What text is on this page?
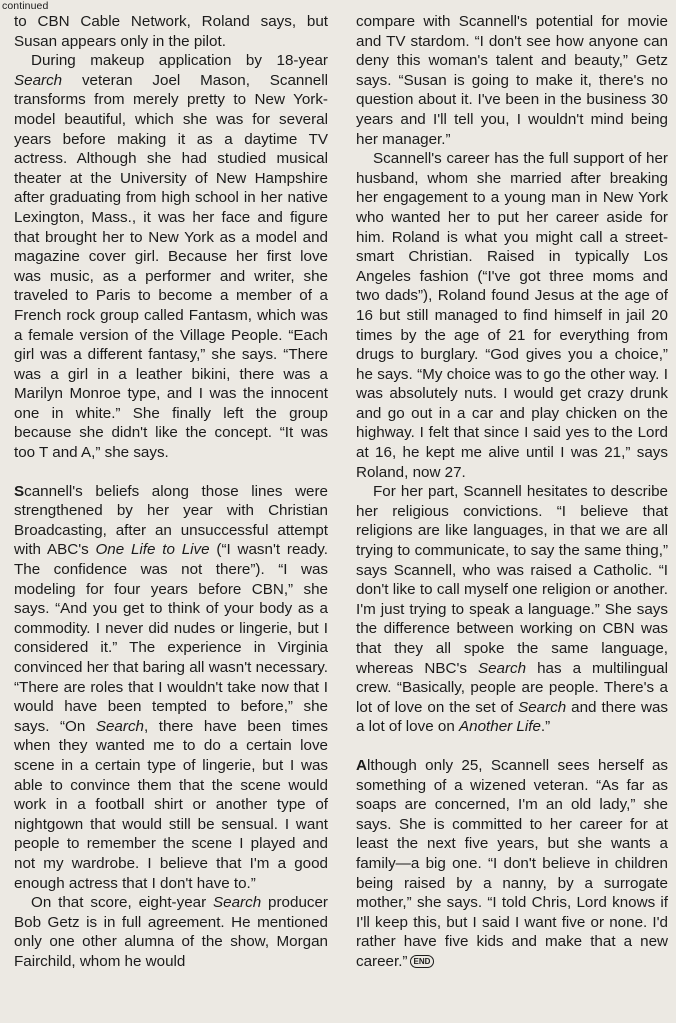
continued

to CBN Cable Network, Roland says, but Susan appears only in the pilot.

During makeup application by 18-year Search veteran Joel Mason, Scannell transforms from merely pretty to New York-model beautiful, which she was for several years before making it as a daytime TV actress. Although she had studied musical theater at the University of New Hampshire after graduating from high school in her native Lexington, Mass., it was her face and figure that brought her to New York as a model and magazine cover girl. Because her first love was music, as a performer and writer, she traveled to Paris to become a member of a French rock group called Fantasm, which was a female version of the Village People. “Each girl was a different fantasy,” she says. “There was a girl in a leather bikini, there was a Marilyn Monroe type, and I was the innocent one in white.” She finally left the group because she didn't like the concept. “It was too T and A,” she says.

Scannell's beliefs along those lines were strengthened by her year with Christian Broadcasting, after an unsuccessful attempt with ABC's One Life to Live (“I wasn't ready. The confidence was not there”). “I was modeling for four years before CBN,” she says. “And you get to think of your body as a commodity. I never did nudes or lingerie, but I considered it.” The experience in Virginia convinced her that baring all wasn't necessary. “There are roles that I wouldn't take now that I would have been tempted to before,” she says. “On Search, there have been times when they wanted me to do a certain love scene in a certain type of lingerie, but I was able to convince them that the scene would work in a football shirt or another type of nightgown that would still be sensual. I want people to remember the scene I played and not my wardrobe. I believe that I'm a good enough actress that I don't have to.”

On that score, eight-year Search producer Bob Getz is in full agreement. He mentioned only one other alumna of the show, Morgan Fairchild, whom he would

compare with Scannell's potential for movie and TV stardom. “I don't see how anyone can deny this woman's talent and beauty,” Getz says. “Susan is going to make it, there's no question about it. I've been in the business 30 years and I'll tell you, I wouldn't mind being her manager.”

Scannell's career has the full support of her husband, whom she married after breaking her engagement to a young man in New York who wanted her to put her career aside for him. Roland is what you might call a street-smart Christian. Raised in typically Los Angeles fashion (“I've got three moms and two dads”), Roland found Jesus at the age of 16 but still managed to find himself in jail 20 times by the age of 21 for everything from drugs to burglary. “God gives you a choice,” he says. “My choice was to go the other way. I was absolutely nuts. I would get crazy drunk and go out in a car and play chicken on the highway. I felt that since I said yes to the Lord at 16, he kept me alive until I was 21,” says Roland, now 27.

For her part, Scannell hesitates to describe her religious convictions. “I believe that religions are like languages, in that we are all trying to communicate, to say the same thing,” says Scannell, who was raised a Catholic. “I don't like to call myself one religion or another. I'm just trying to speak a language.” She says the difference between working on CBN was that they all spoke the same language, whereas NBC's Search has a multilingual crew. “Basically, people are people. There's a lot of love on the set of Search and there was a lot of love on Another Life.”

Although only 25, Scannell sees herself as something of a wizened veteran. “As far as soaps are concerned, I'm an old lady,” she says. She is committed to her career for at least the next five years, but she wants a family—a big one. “I don't believe in children being raised by a nanny, by a surrogate mother,” she says. “I told Chris, Lord knows if I'll keep this, but I said I want five or none. I'd rather have five kids and make that a new career.” END
